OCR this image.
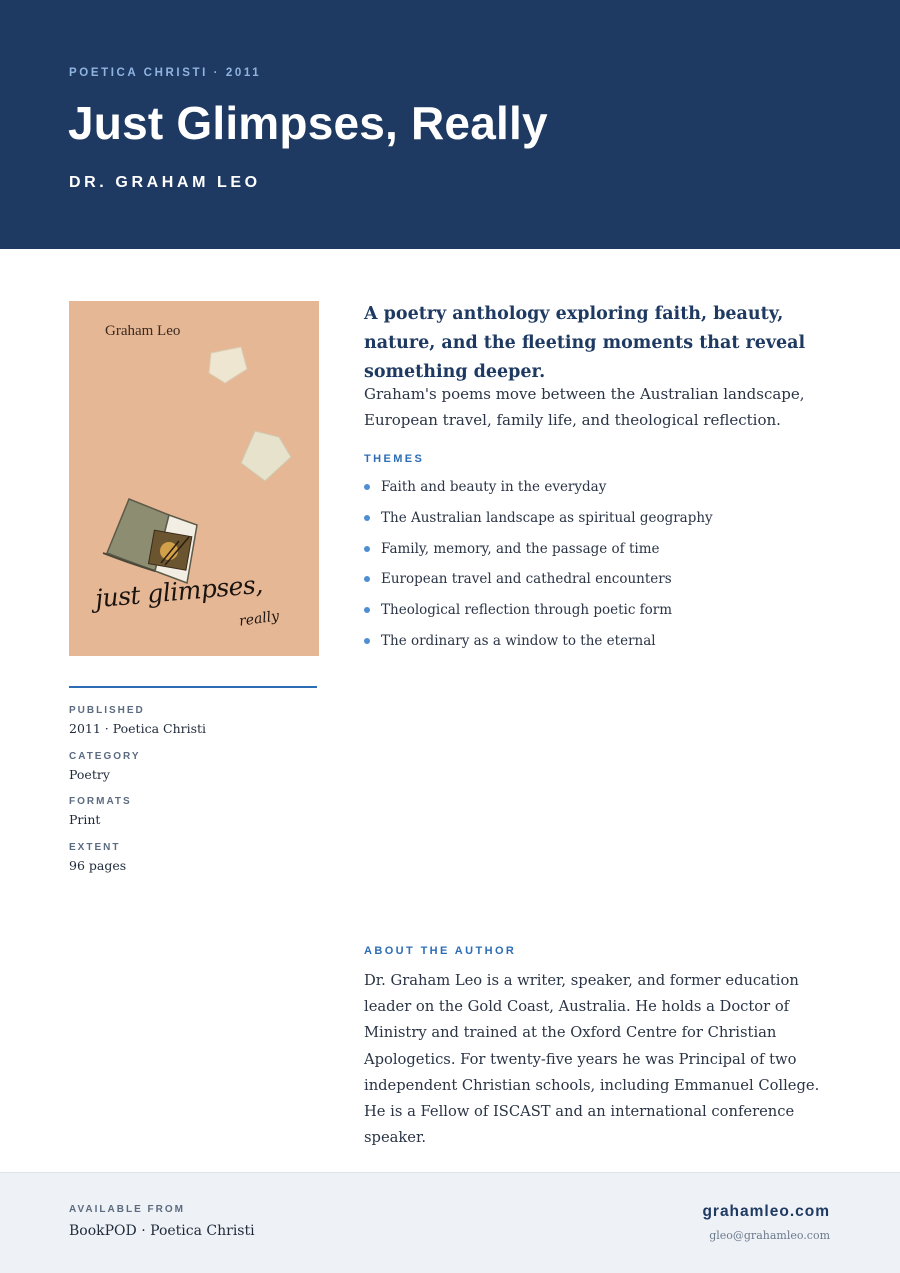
POETICA CHRISTI · 2011
Just Glimpses, Really
DR. GRAHAM LEO
Graham Leo
just glimpses,
really
PUBLISHED
2011 · Poetica Christi
CATEGORY
Poetry
FORMATS
Print
EXTENT
96 pages

A poetry anthology exploring faith, beauty, nature, and the fleeting moments that reveal something deeper.

Graham's poems move between the Australian landscape, European travel, family life, and theological reflection.

THEMES
Faith and beauty in the everyday
The Australian landscape as spiritual geography
Family, memory, and the passage of time
European travel and cathedral encounters
Theological reflection through poetic form
The ordinary as a window to the eternal
ABOUT THE AUTHOR

Dr. Graham Leo is a writer, speaker, and former education leader on the Gold Coast, Australia. He holds a Doctor of Ministry and trained at the Oxford Centre for Christian Apologetics. For twenty-five years he was Principal of two independent Christian schools, including Emmanuel College. He is a Fellow of ISCAST and an international conference speaker.

AVAILABLE FROM
BookPOD · Poetica Christi
grahamleo.com
gleo@grahamleo.com
